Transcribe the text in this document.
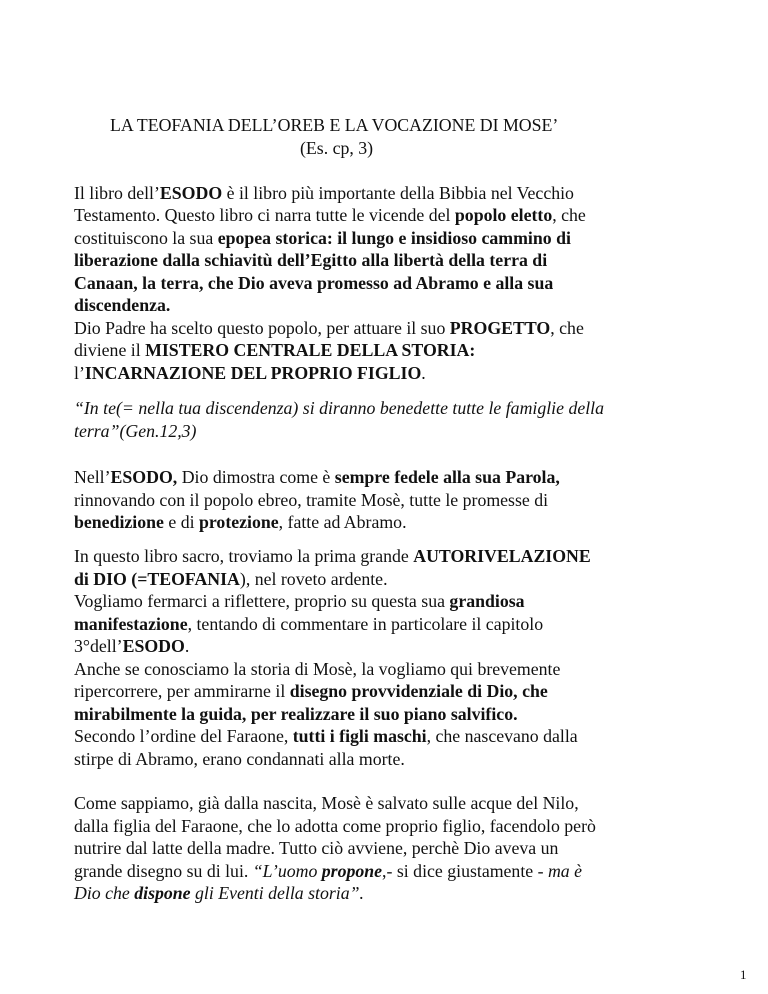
LA TEOFANIA DELL’OREB E LA VOCAZIONE DI MOSE’
(Es. cp, 3)
Il libro dell’ESODO è il libro più importante della Bibbia nel Vecchio
Testamento. Questo libro ci narra tutte le vicende del popolo eletto, che
costituiscono la sua epopea storica: il lungo e insidioso cammino di
liberazione dalla schiavitù dell’Egitto alla libertà della terra di
Canaan, la terra, che Dio aveva promesso ad Abramo e alla sua
discendenza.
Dio Padre ha scelto questo popolo, per attuare il suo PROGETTO, che
diviene il MISTERO CENTRALE DELLA STORIA:
l’INCARNAZIONE DEL PROPRIO FIGLIO.
“In te(= nella tua discendenza) si diranno benedette tutte le famiglie della
terra”(Gen.12,3)
Nell’ESODO, Dio dimostra come è sempre fedele alla sua Parola,
rinnovando con il popolo ebreo, tramite Mosè, tutte le promesse di
benedizione e di protezione, fatte ad Abramo.
In questo libro sacro, troviamo la prima grande AUTORIVELAZIONE
di DIO (=TEOFANIA), nel roveto ardente.
Vogliamo fermarci a riflettere, proprio su questa sua grandiosa
manifestazione, tentando di commentare in particolare il capitolo
3°dell’ESODO.
Anche se conosciamo la storia di Mosè, la vogliamo qui brevemente
ripercorrere, per ammirarne il disegno provvidenziale di Dio, che
mirabilmente la guida, per realizzare il suo piano salvifico.
Secondo l’ordine del Faraone, tutti i figli maschi, che nascevano dalla
stirpe di Abramo, erano condannati alla morte.
Come sappiamo, già dalla nascita, Mosè è salvato sulle acque del Nilo,
dalla figlia del Faraone, che lo adotta come proprio figlio, facendolo però
nutrire dal latte della madre. Tutto ciò avviene, perchè Dio aveva un
grande disegno su di lui. “L’uomo propone,- si dice giustamente - ma è
Dio che dispone gli Eventi della storia”.
1
